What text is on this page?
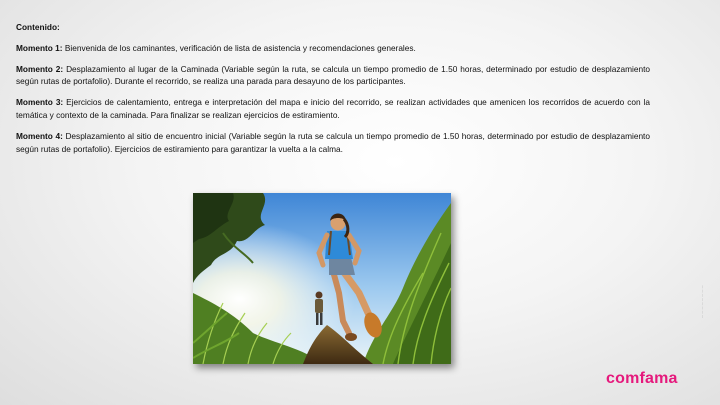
Contenido:

Momento 1: Bienvenida de los caminantes, verificación de lista de asistencia y recomendaciones generales.

Momento 2: Desplazamiento al lugar de la Caminada (Variable según la ruta, se calcula un tiempo promedio de 1.50 horas, determinado por estudio de desplazamiento según rutas de portafolio). Durante el recorrido, se realiza una parada para desayuno de los participantes.

Momento 3: Ejercicios de calentamiento, entrega e interpretación del mapa e inicio del recorrido, se realizan actividades que amenicen los recorridos de acuerdo con la temática y contexto de la caminada. Para finalizar se realizan ejercicios de estiramiento.

Momento 4: Desplazamiento al sitio de encuentro inicial (Variable según la ruta se calcula un tiempo promedio de 1.50 horas, determinado por estudio de desplazamiento según rutas de portafolio). Ejercicios de estiramiento para garantizar la vuelta a la calma.

— — — — — — — —
comfama
